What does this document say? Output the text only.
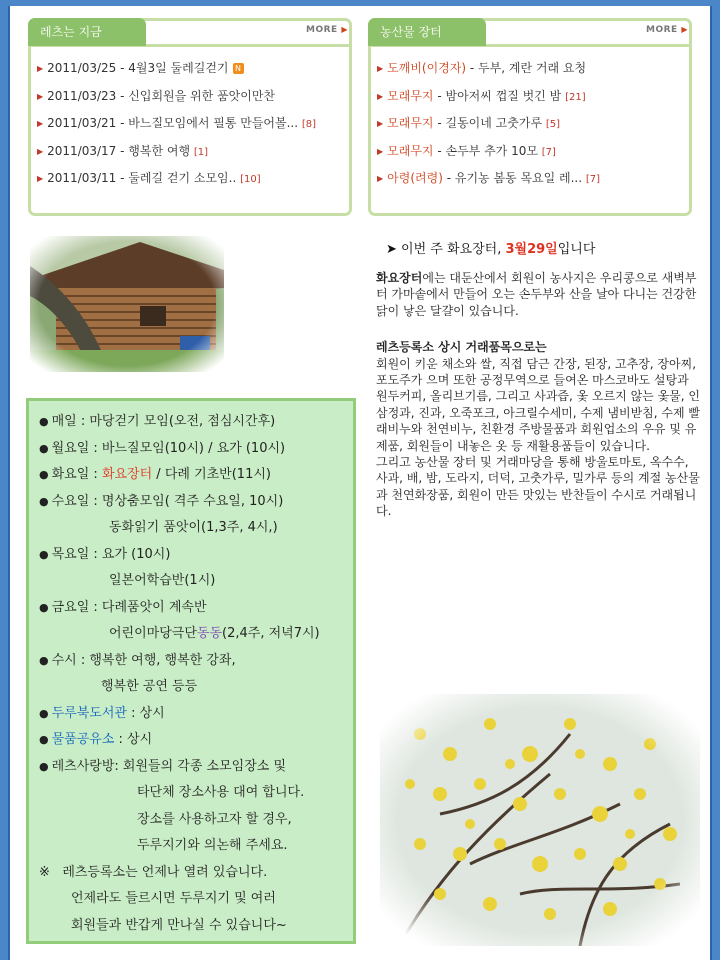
레츠는 지금	MORE ▶
▶ 2011/03/25 - 4월3일 둘레길걷기 N
▶ 2011/03/23 - 신입회원을 위한 품앗이만찬
▶ 2011/03/21 - 바느질모임에서 필통 만들어볼... [8]
▶ 2011/03/17 - 행복한 여행 [1]
▶ 2011/03/11 - 둘레길 걷기 소모임.. [10]
농산물 장터	MORE ▶
▶ 도깨비(이경자) - 두부, 계란 거래 요청
▶ 모래무지 - 밤아저씨 껍질 벗긴 밤 [21]
▶ 모래무지 - 길동이네 고춧가루 [5]
▶ 모래무지 - 손두부 추가 10모 [7]
▶ 아령(려령) - 유기농 봄동 목요일 레... [7]
● 매일 : 마당걷기 모임(오전, 점심시간후)
● 월요일 : 바느질모임(10시) / 요가 (10시)
● 화요일 : 화요장터 / 다례 기초반(11시)
● 수요일 : 명상춤모임( 격주 수요일, 10시)
동화읽기 품앗이(1,3주, 4시,)
● 목요일 : 요가 (10시)
일본어학습반(1시)
● 금요일 : 다례품앗이 계속반
어린이마당극단동동(2,4주, 저녁7시)
● 수시 : 행복한 여행, 행복한 강좌,
행복한 공연 등등
● 두루북도서관 : 상시
● 물품공유소 : 상시
● 레츠사랑방: 회원들의 각종 소모임장소 및
타단체 장소사용 대여 합니다.
장소를 사용하고자 할 경우,
두루지기와 의논해 주세요.
※ 레츠등록소는 언제나 열려 있습니다.
언제라도 들르시면 두루지기 및 여러
회원들과 반갑게 만나실 수 있습니다~
➤ 이번 주 화요장터, 3월29일입니다
화요장터에는 대둔산에서 회원이 농사지은 우리콩으로 새벽부터 가마솥에서 만들어 오는 손두부와 산을 날아 다니는 건강한 닭이 낳은 달걀이 있습니다.
레츠등록소 상시 거래품목으로는
회원이 키운 채소와 쌀, 직접 담근 간장, 된장, 고추장, 장아찌, 포도주가 으며 또한 공정무역으로 들여온 마스코바도 설탕과 원두커피, 올리브기름, 그리고 사과즙, 옻 오르지 않는 옻물, 인삼정과, 진과, 오죽포크, 아크릴수세미, 수제 냄비받침, 수제 빨래비누와 천연비누, 친환경 주방물품과 회원업소의 우유 및 유제품, 회원들이 내놓은 옷 등 재활용품들이 있습니다.
그리고 농산물 장터 및 거래마당을 통해 방울토마토, 옥수수, 사과, 배, 밤, 도라지, 더덕, 고춧가루, 밀가루 등의 계절 농산물과 천연화장품, 회원이 만든 맛있는 반찬들이 수시로 거래됩니다.
